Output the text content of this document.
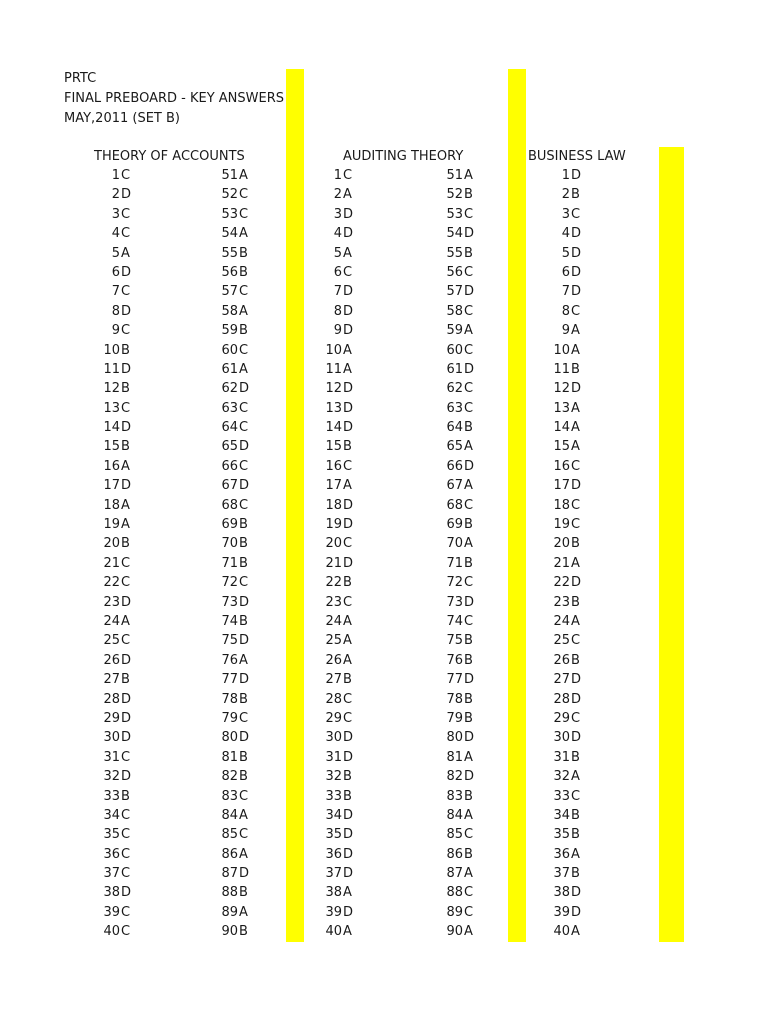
PRTC
FINAL PREBOARD - KEY ANSWERS
MAY,2011 (SET B)
THEORY OF ACCOUNTS	AUDITING THEORY	BUSINESS LAW
1C
2D
3C
4C
5A
6D
7C
8D
9C
10B
11D
12B
13C
14D
15B
16A
17D
18A
19A
20B
21C
22C
23D
24A
25C
26D
27B
28D
29D
30D
31C
32D
33B
34C
35C
36C
37C
38D
39C
40C
51A
52C
53C
54A
55B
56B
57C
58A
59B
60C
61A
62D
63C
64C
65D
66C
67D
68C
69B
70B
71B
72C
73D
74B
75D
76A
77D
78B
79C
80D
81B
82B
83C
84A
85C
86A
87D
88B
89A
90B
1C
2A
3D
4D
5A
6C
7D
8D
9D
10A
11A
12D
13D
14D
15B
16C
17A
18D
19D
20C
21D
22B
23C
24A
25A
26A
27B
28C
29C
30D
31D
32B
33B
34D
35D
36D
37D
38A
39D
40A
51A
52B
53C
54D
55B
56C
57D
58C
59A
60C
61D
62C
63C
64B
65A
66D
67A
68C
69B
70A
71B
72C
73D
74C
75B
76B
77D
78B
79B
80D
81A
82D
83B
84A
85C
86B
87A
88C
89C
90A
1D
2B
3C
4D
5D
6D
7D
8C
9A
10A
11B
12D
13A
14A
15A
16C
17D
18C
19C
20B
21A
22D
23B
24A
25C
26B
27D
28D
29C
30D
31B
32A
33C
34B
35B
36A
37B
38D
39D
40A
